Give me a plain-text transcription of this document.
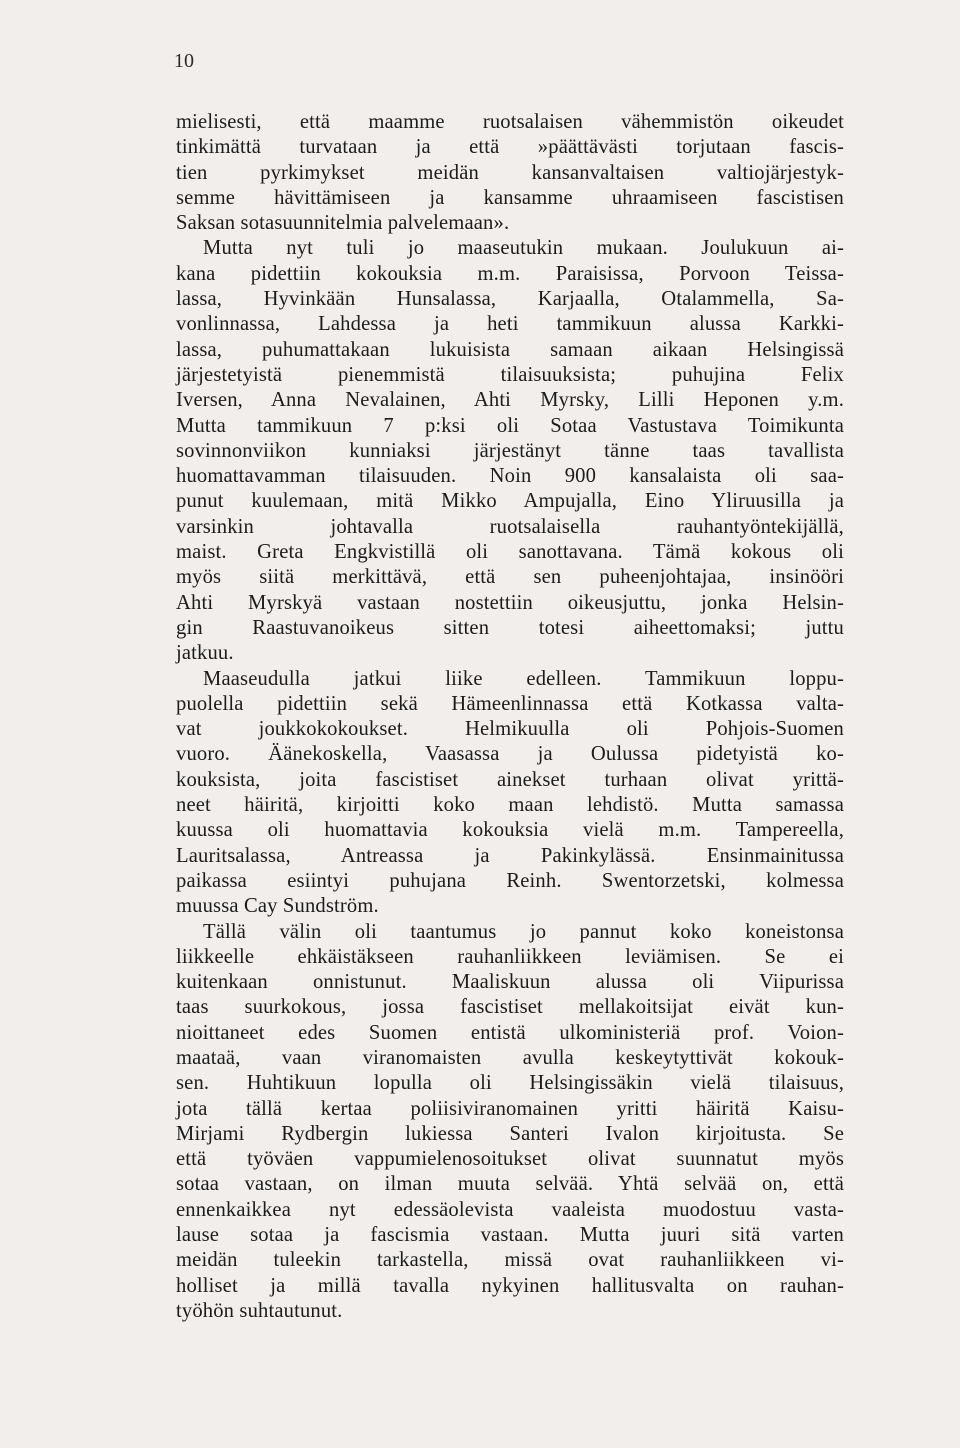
10
mielisesti, että maamme ruotsalaisen vähemmistön oikeudet
tinkimättä turvataan ja että »päättävästi torjutaan fascis-
tien pyrkimykset meidän kansanvaltaisen valtiojärjestyk-
semme hävittämiseen ja kansamme uhraamiseen fascistisen
Saksan sotasuunnitelmia palvelemaan».
Mutta nyt tuli jo maaseutukin mukaan. Joulukuun ai-
kana pidettiin kokouksia m.m. Paraisissa, Porvoon Teissa-
lassa, Hyvinkään Hunsalassa, Karjaalla, Otalammella, Sa-
vonlinnassa, Lahdessa ja heti tammikuun alussa Karkki-
lassa, puhumattakaan lukuisista samaan aikaan Helsingissä
järjestetyistä pienemmistä tilaisuuksista; puhujina Felix
Iversen, Anna Nevalainen, Ahti Myrsky, Lilli Heponen y.m.
Mutta tammikuun 7 p:ksi oli Sotaa Vastustava Toimikunta
sovinnonviikon kunniaksi järjestänyt tänne taas tavallista
huomattavamman tilaisuuden. Noin 900 kansalaista oli saa-
punut kuulemaan, mitä Mikko Ampujalla, Eino Yliruusilla ja
varsinkin johtavalla ruotsalaisella rauhantyöntekijällä,
maist. Greta Engkvistillä oli sanottavana. Tämä kokous oli
myös siitä merkittävä, että sen puheenjohtajaa, insinööri
Ahti Myrskyä vastaan nostettiin oikeusjuttu, jonka Helsin-
gin Raastuvanoikeus sitten totesi aiheettomaksi; juttu
jatkuu.
Maaseudulla jatkui liike edelleen. Tammikuun loppu-
puolella pidettiin sekä Hämeenlinnassa että Kotkassa valta-
vat joukkokokoukset. Helmikuulla oli Pohjois-Suomen
vuoro. Äänekoskella, Vaasassa ja Oulussa pidetyistä ko-
kouksista, joita fascistiset ainekset turhaan olivat yrittä-
neet häiritä, kirjoitti koko maan lehdistö. Mutta samassa
kuussa oli huomattavia kokouksia vielä m.m. Tampereella,
Lauritsalassa, Antreassa ja Pakinkylässä. Ensinmainitussa
paikassa esiintyi puhujana Reinh. Swentorzetski, kolmessa
muussa Cay Sundström.
Tällä välin oli taantumus jo pannut koko koneistonsa
liikkeelle ehkäistäkseen rauhanliikkeen leviämisen. Se ei
kuitenkaan onnistunut. Maaliskuun alussa oli Viipurissa
taas suurkokous, jossa fascistiset mellakoitsijat eivät kun-
nioittaneet edes Suomen entistä ulkoministeriä prof. Voion-
maataä, vaan viranomaisten avulla keskeytyttivät kokouk-
sen. Huhtikuun lopulla oli Helsingissäkin vielä tilaisuus,
jota tällä kertaa poliisiviranomainen yritti häiritä Kaisu-
Mirjami Rydbergin lukiessa Santeri Ivalon kirjoitusta. Se
että työväen vappumielenosoitukset olivat suunnatut myös
sotaa vastaan, on ilman muuta selvää. Yhtä selvää on, että
ennenkaikkea nyt edessäolevista vaaleista muodostuu vasta-
lause sotaa ja fascismia vastaan. Mutta juuri sitä varten
meidän tuleekin tarkastella, missä ovat rauhanliikkeen vi-
holliset ja millä tavalla nykyinen hallitusvalta on rauhan-
työhön suhtautunut.
